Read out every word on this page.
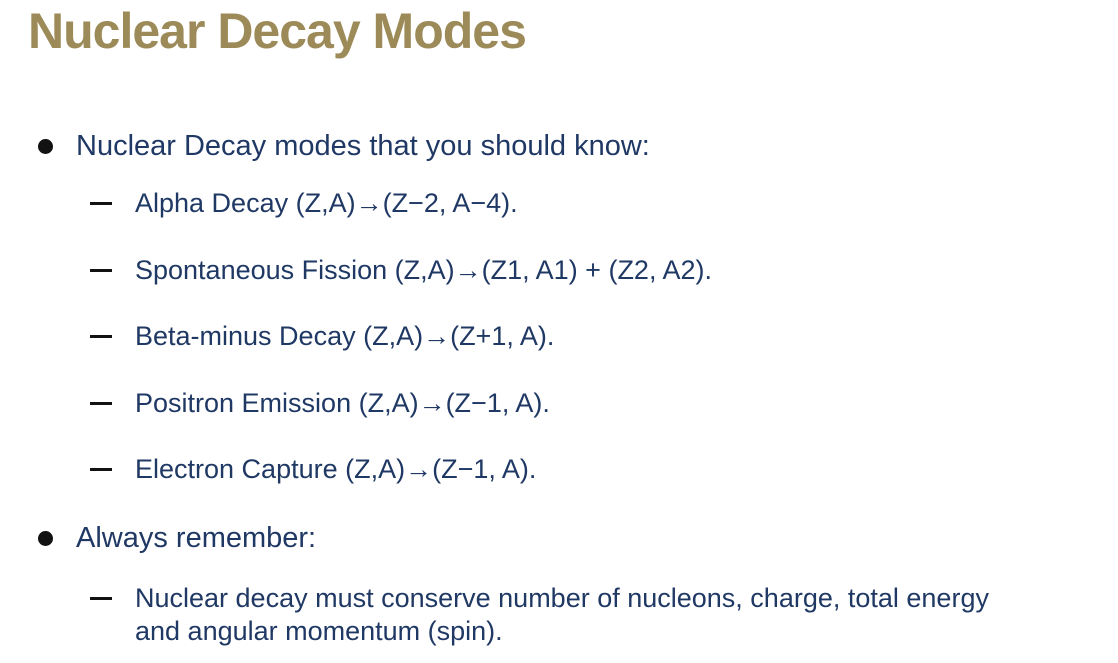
Nuclear Decay Modes
Nuclear Decay modes that you should know:
Alpha Decay (Z,A)→(Z−2, A−4).
Spontaneous Fission (Z,A)→(Z1, A1) + (Z2, A2).
Beta-minus Decay (Z,A)→(Z+1, A).
Positron Emission (Z,A)→(Z−1, A).
Electron Capture (Z,A)→(Z−1, A).
Always remember:
Nuclear decay must conserve number of nucleons, charge, total energy and angular momentum (spin).
